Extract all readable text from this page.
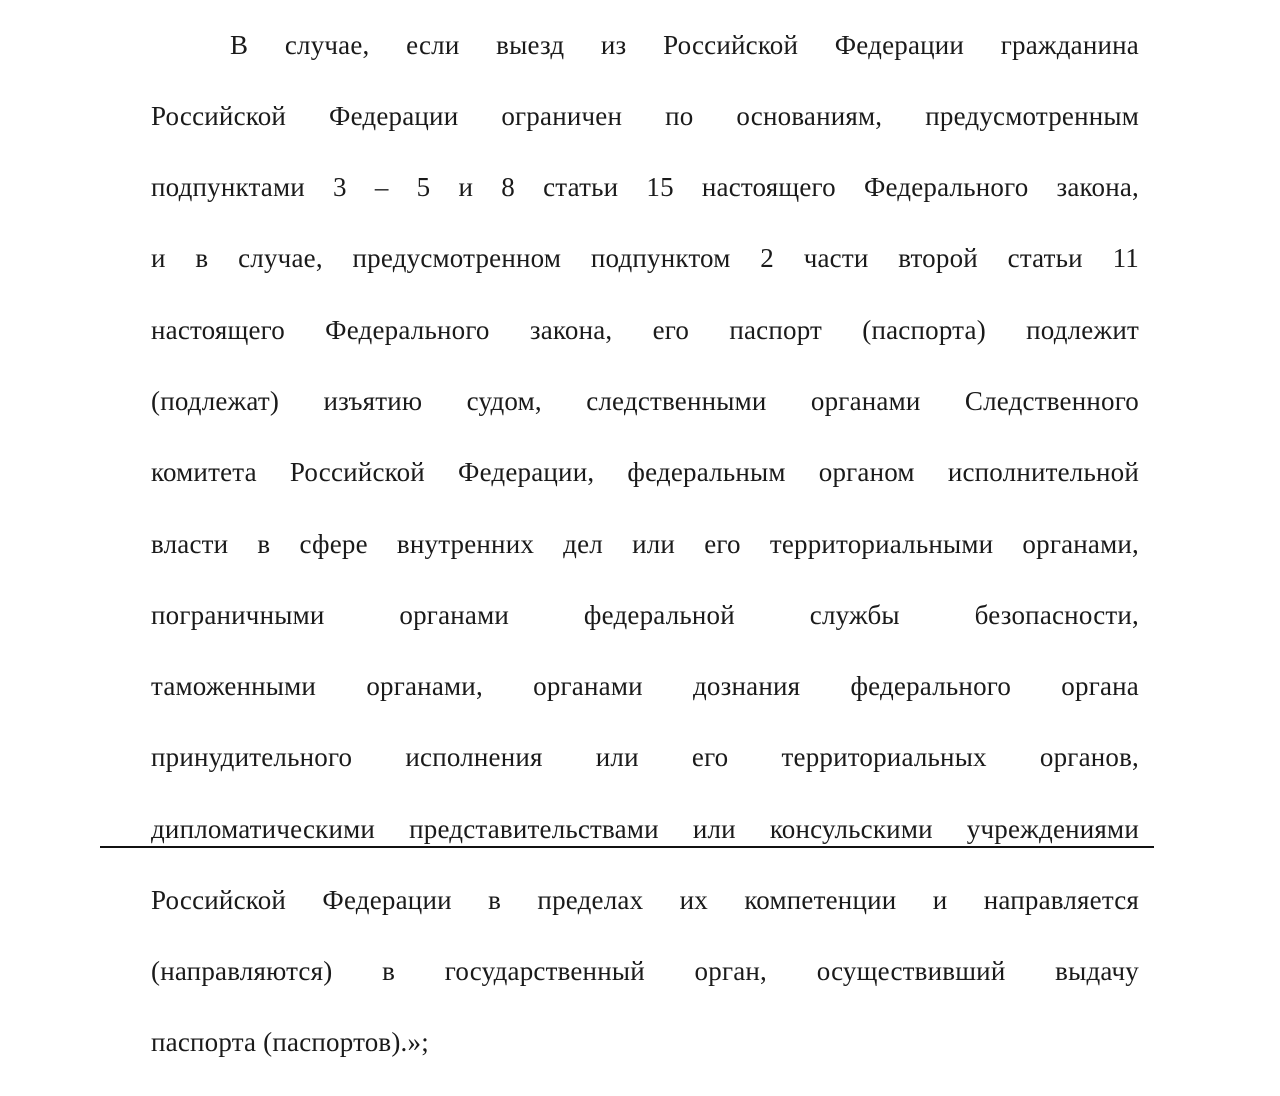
В случае, если выезд из Российской Федерации гражданина
Российской Федерации ограничен по основаниям, предусмотренным
подпунктами 3 – 5 и 8 статьи 15 настоящего Федерального закона,
и в случае, предусмотренном подпунктом 2 части второй статьи 11
настоящего Федерального закона, его паспорт (паспорта) подлежит
(подлежат) изъятию судом, следственными органами Следственного
комитета Российской Федерации, федеральным органом исполнительной
власти в сфере внутренних дел или его территориальными органами,
пограничными органами федеральной службы безопасности,
таможенными органами, органами дознания федерального органа
принудительного исполнения или его территориальных органов,
дипломатическими представительствами или консульскими учреждениями
Российской Федерации в пределах их компетенции и направляется
(направляются) в государственный орган, осуществивший выдачу
паспорта (паспортов).»;
